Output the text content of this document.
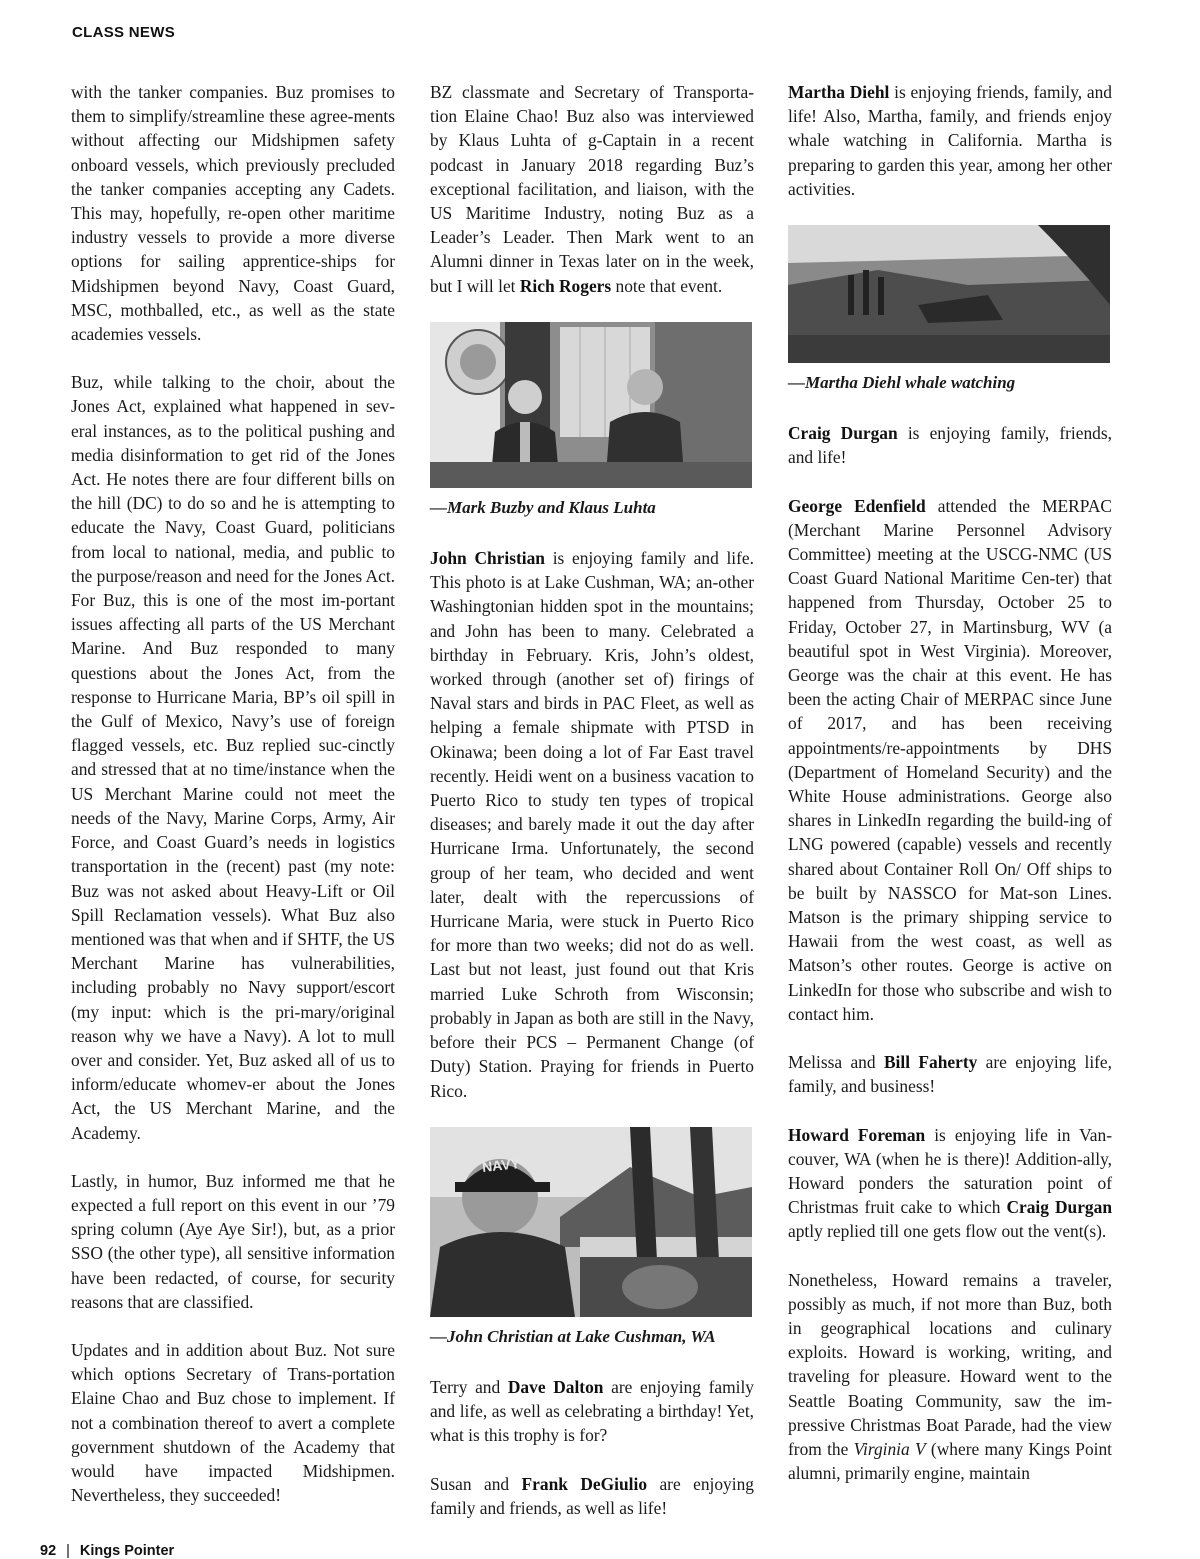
CLASS NEWS

with the tanker companies. Buz promises to them to simplify/streamline these agree-ments without affecting our Midshipmen safety onboard vessels, which previously precluded the tanker companies accepting any Cadets. This may, hopefully, re-open other maritime industry vessels to provide a more diverse options for sailing apprentice-ships for Midshipmen beyond Navy, Coast Guard, MSC, mothballed, etc., as well as the state academies vessels.

Buz, while talking to the choir, about the Jones Act, explained what happened in sev-eral instances, as to the political pushing and media disinformation to get rid of the Jones Act. He notes there are four different bills on the hill (DC) to do so and he is attempting to educate the Navy, Coast Guard, politicians from local to national, media, and public to the purpose/reason and need for the Jones Act. For Buz, this is one of the most im-portant issues affecting all parts of the US Merchant Marine. And Buz responded to many questions about the Jones Act, from the response to Hurricane Maria, BP’s oil spill in the Gulf of Mexico, Navy’s use of foreign flagged vessels, etc. Buz replied suc-cinctly and stressed that at no time/instance when the US Merchant Marine could not meet the needs of the Navy, Marine Corps, Army, Air Force, and Coast Guard’s needs in logistics transportation in the (recent) past (my note: Buz was not asked about Heavy-Lift or Oil Spill Reclamation vessels). What Buz also mentioned was that when and if SHTF, the US Merchant Marine has vulnerabilities, including probably no Navy support/escort (my input: which is the pri-mary/original reason why we have a Navy). A lot to mull over and consider. Yet, Buz asked all of us to inform/educate whomev-er about the Jones Act, the US Merchant Marine, and the Academy.

Lastly, in humor, Buz informed me that he expected a full report on this event in our ’79 spring column (Aye Aye Sir!), but, as a prior SSO (the other type), all sensitive information have been redacted, of course, for security reasons that are classified.

Updates and in addition about Buz. Not sure which options Secretary of Trans-portation Elaine Chao and Buz chose to implement. If not a combination thereof to avert a complete government shutdown of the Academy that would have impacted Midshipmen. Nevertheless, they succeeded!

BZ classmate and Secretary of Transporta-tion Elaine Chao! Buz also was interviewed by Klaus Luhta of g-Captain in a recent podcast in January 2018 regarding Buz’s exceptional facilitation, and liaison, with the US Maritime Industry, noting Buz as a Leader’s Leader. Then Mark went to an Alumni dinner in Texas later on in the week, but I will let Rich Rogers note that event.

—Mark Buzby and Klaus Luhta

John Christian is enjoying family and life. This photo is at Lake Cushman, WA; an-other Washingtonian hidden spot in the mountains; and John has been to many. Celebrated a birthday in February. Kris, John’s oldest, worked through (another set of) firings of Naval stars and birds in PAC Fleet, as well as helping a female shipmate with PTSD in Okinawa; been doing a lot of Far East travel recently. Heidi went on a business vacation to Puerto Rico to study ten types of tropical diseases; and barely made it out the day after Hurricane Irma. Unfortunately, the second group of her team, who decided and went later, dealt with the repercussions of Hurricane Maria, were stuck in Puerto Rico for more than two weeks; did not do as well. Last but not least, just found out that Kris married Luke Schroth from Wisconsin; probably in Japan as both are still in the Navy, before their PCS – Permanent Change (of Duty) Station. Praying for friends in Puerto Rico.

NAVY
—John Christian at Lake Cushman, WA

Terry and Dave Dalton are enjoying family and life, as well as celebrating a birthday! Yet, what is this trophy is for?

Susan and Frank DeGiulio are enjoying family and friends, as well as life!

Martha Diehl is enjoying friends, family, and life! Also, Martha, family, and friends enjoy whale watching in California. Martha is preparing to garden this year, among her other activities.

—Martha Diehl whale watching

Craig Durgan is enjoying family, friends, and life!

George Edenfield attended the MERPAC (Merchant Marine Personnel Advisory Committee) meeting at the USCG-NMC (US Coast Guard National Maritime Cen-ter) that happened from Thursday, October 25 to Friday, October 27, in Martinsburg, WV (a beautiful spot in West Virginia). Moreover, George was the chair at this event. He has been the acting Chair of MERPAC since June of 2017, and has been receiving appointments/re-appointments by DHS (Department of Homeland Security) and the White House administrations. George also shares in LinkedIn regarding the build-ing of LNG powered (capable) vessels and recently shared about Container Roll On/ Off ships to be built by NASSCO for Mat-son Lines. Matson is the primary shipping service to Hawaii from the west coast, as well as Matson’s other routes. George is active on LinkedIn for those who subscribe and wish to contact him.

Melissa and Bill Faherty are enjoying life, family, and business!

Howard Foreman is enjoying life in Van-couver, WA (when he is there)! Addition-ally, Howard ponders the saturation point of Christmas fruit cake to which Craig Durgan aptly replied till one gets flow out the vent(s).

Nonetheless, Howard remains a traveler, possibly as much, if not more than Buz, both in geographical locations and culinary exploits. Howard is working, writing, and traveling for pleasure. Howard went to the Seattle Boating Community, saw the im-pressive Christmas Boat Parade, had the view from the Virginia V (where many Kings Point alumni, primarily engine, maintain

92 | Kings Pointer
